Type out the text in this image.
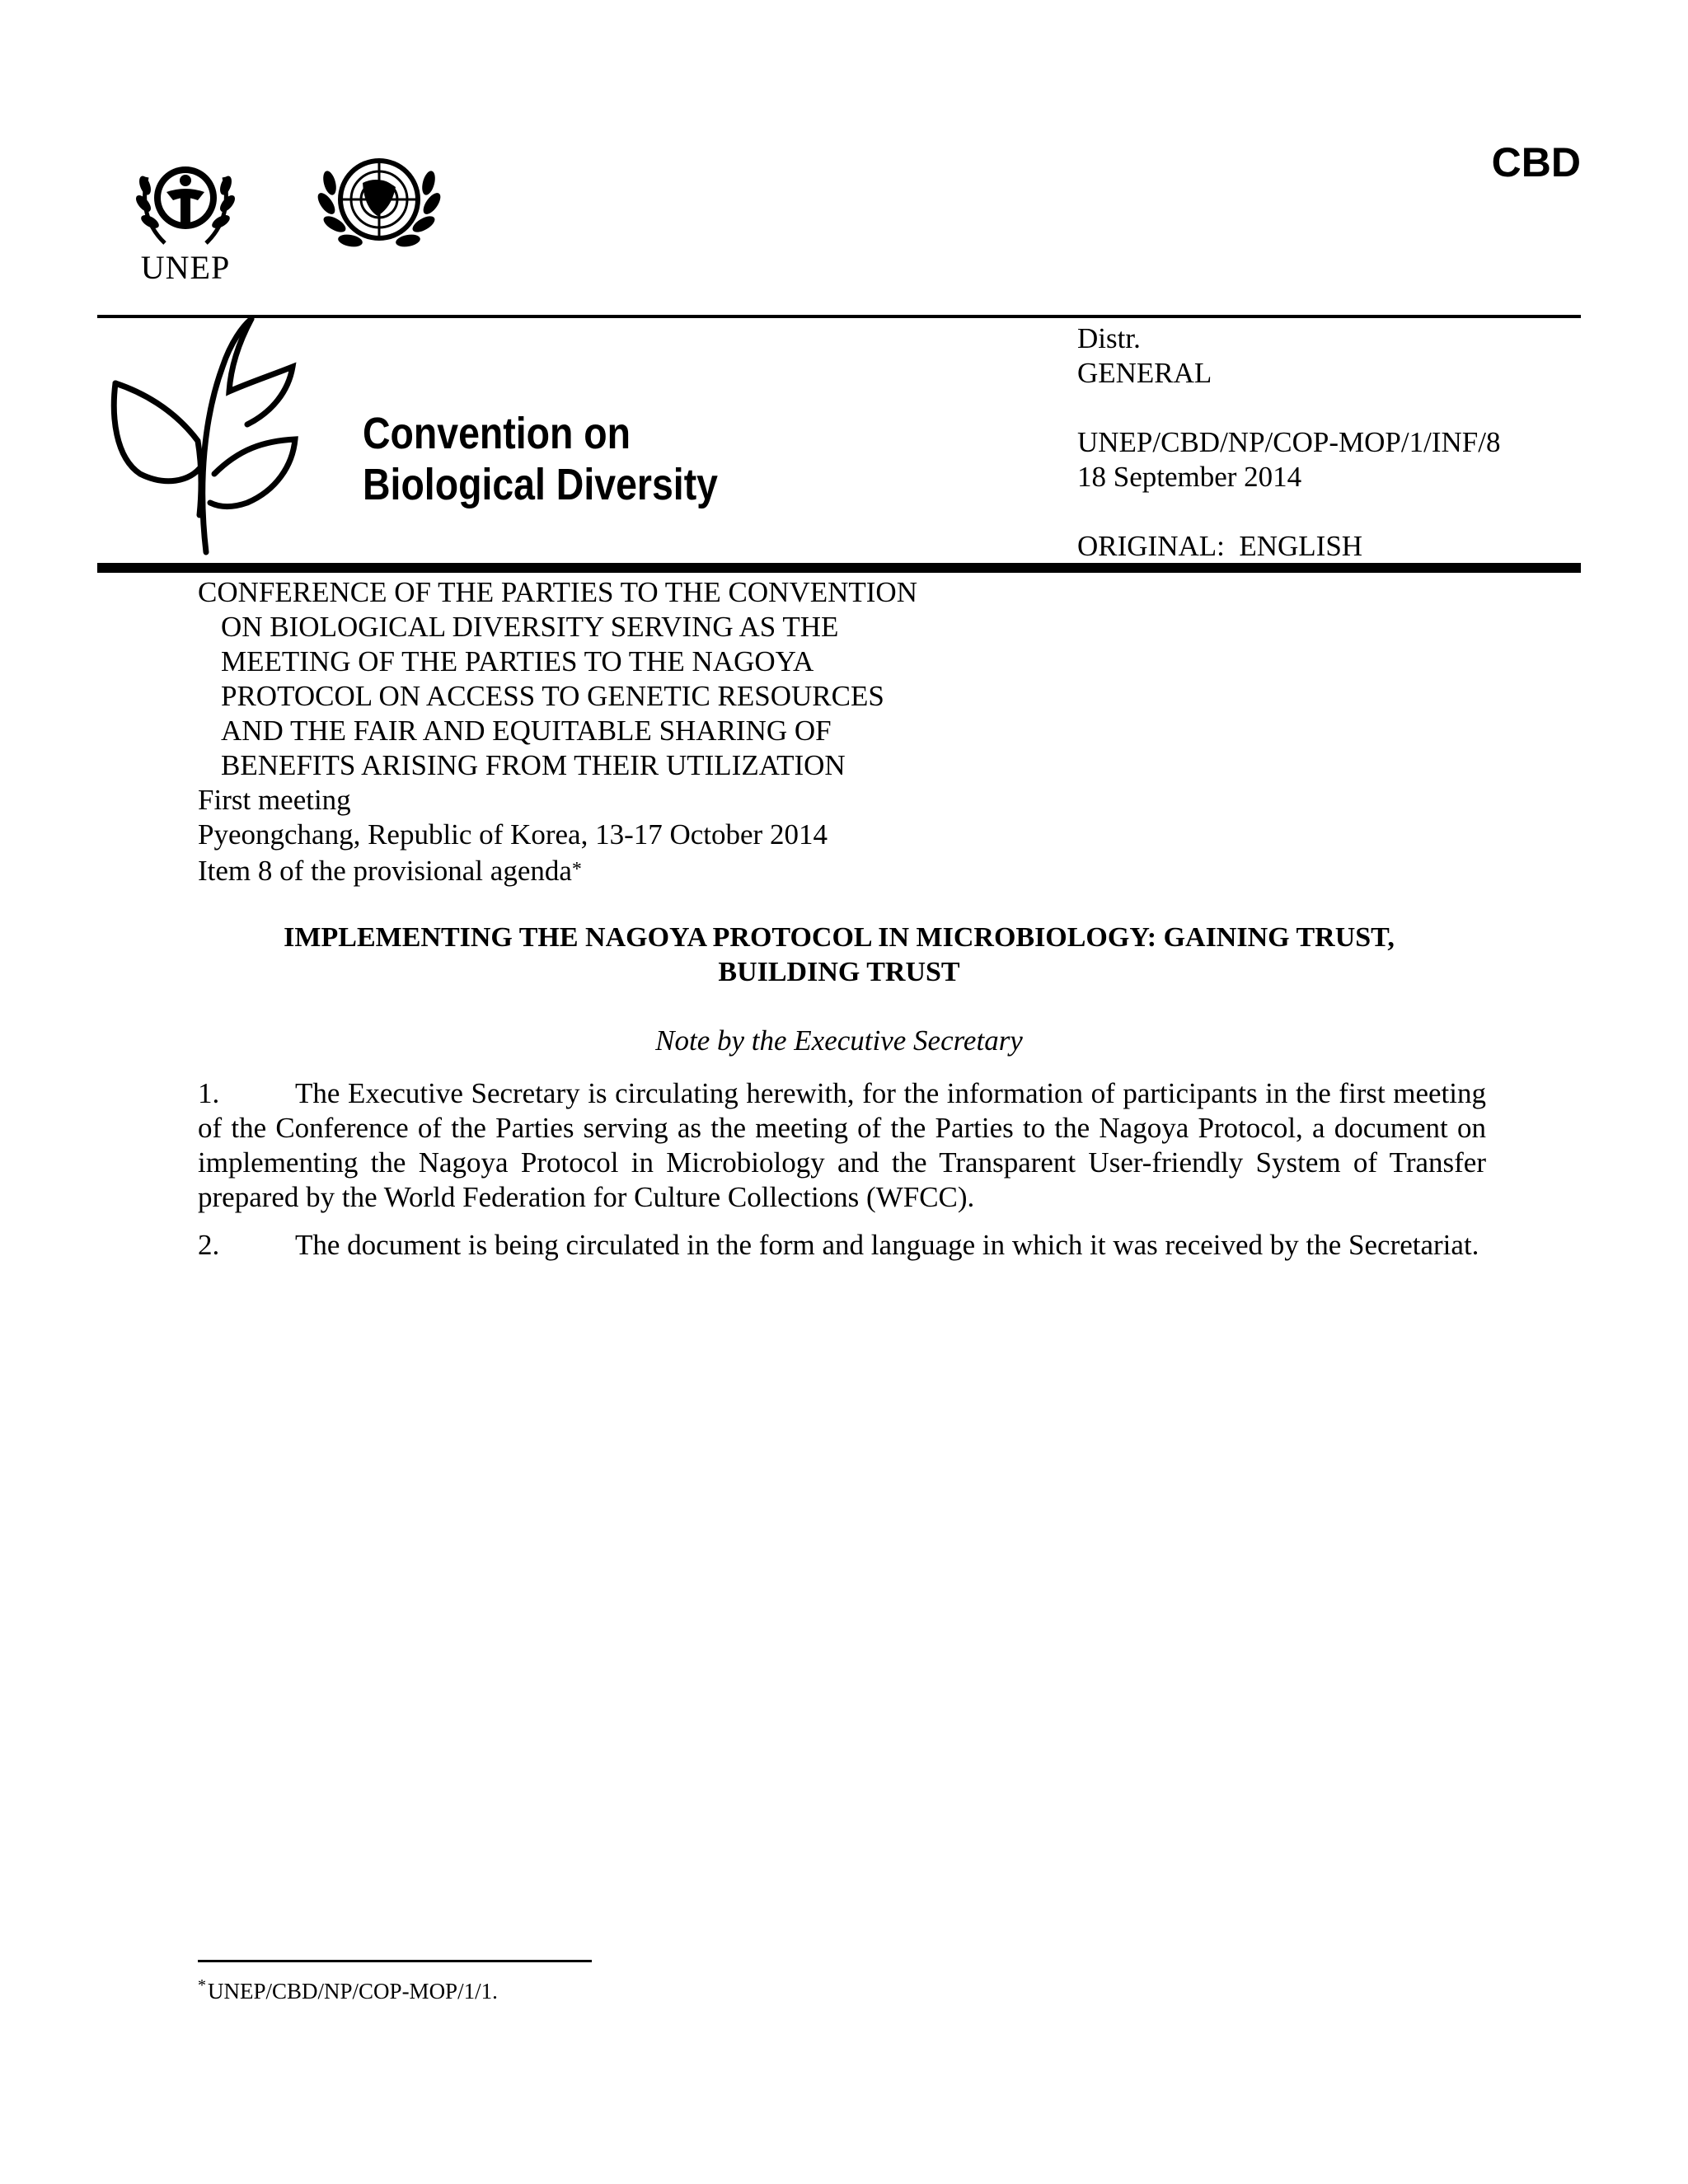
UNEP
CBD
Convention on
Biological Diversity
Distr.
GENERAL
UNEP/CBD/NP/COP-MOP/1/INF/8
18 September 2014
ORIGINAL:  ENGLISH
CONFERENCE OF THE PARTIES TO THE CONVENTION
ON BIOLOGICAL DIVERSITY SERVING AS THE
MEETING OF THE PARTIES TO THE NAGOYA
PROTOCOL ON ACCESS TO GENETIC RESOURCES
AND THE FAIR AND EQUITABLE SHARING OF
BENEFITS ARISING FROM THEIR UTILIZATION
First meeting
Pyeongchang, Republic of Korea, 13-17 October 2014
Item 8 of the provisional agenda*
IMPLEMENTING THE NAGOYA PROTOCOL IN MICROBIOLOGY: GAINING TRUST,
BUILDING TRUST
Note by the Executive Secretary
1.	The Executive Secretary is circulating herewith, for the information of participants in the first meeting of the Conference of the Parties serving as the meeting of the Parties to the Nagoya Protocol, a document on implementing the Nagoya Protocol in Microbiology and the Transparent User-friendly System of Transfer prepared by the World Federation for Culture Collections (WFCC).
2.	The document is being circulated in the form and language in which it was received by the Secretariat.
*UNEP/CBD/NP/COP-MOP/1/1.
